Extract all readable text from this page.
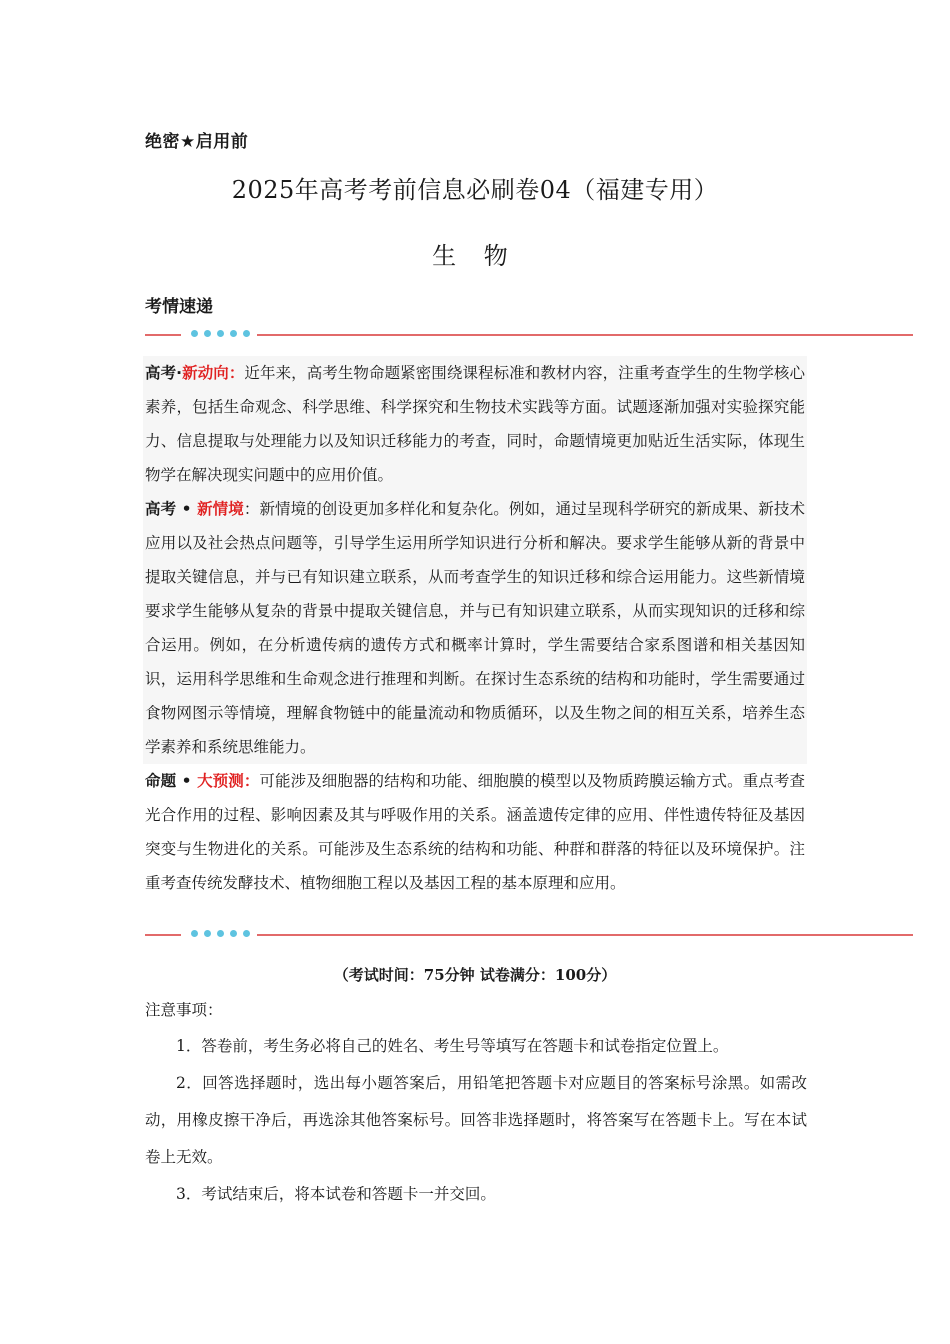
绝密★启用前
2025年高考考前信息必刷卷04（福建专用）
生 物
考情速递

高考·新动向：近年来，高考生物命题紧密围绕课程标准和教材内容，注重考查学生的生物学核心素养，包括生命观念、科学思维、科学探究和生物技术实践等方面。试题逐渐加强对实验探究能力、信息提取与处理能力以及知识迁移能力的考查，同时，命题情境更加贴近生活实际，体现生物学在解决现实问题中的应用价值。

高考 • 新情境：新情境的创设更加多样化和复杂化。例如，通过呈现科学研究的新成果、新技术应用以及社会热点问题等，引导学生运用所学知识进行分析和解决。要求学生能够从新的背景中提取关键信息，并与已有知识建立联系，从而考查学生的知识迁移和综合运用能力。这些新情境要求学生能够从复杂的背景中提取关键信息，并与已有知识建立联系，从而实现知识的迁移和综合运用。例如，在分析遗传病的遗传方式和概率计算时，学生需要结合家系图谱和相关基因知识，运用科学思维和生命观念进行推理和判断。在探讨生态系统的结构和功能时，学生需要通过食物网图示等情境，理解食物链中的能量流动和物质循环，以及生物之间的相互关系，培养生态学素养和系统思维能力。

命题 • 大预测：可能涉及细胞器的结构和功能、细胞膜的模型以及物质跨膜运输方式。重点考查光合作用的过程、影响因素及其与呼吸作用的关系。涵盖遗传定律的应用、伴性遗传特征及基因突变与生物进化的关系。可能涉及生态系统的结构和功能、种群和群落的特征以及环境保护。注重考查传统发酵技术、植物细胞工程以及基因工程的基本原理和应用。

（考试时间：75分钟 试卷满分：100分）
注意事项：

1．答卷前，考生务必将自己的姓名、考生号等填写在答题卡和试卷指定位置上。

2．回答选择题时，选出每小题答案后，用铅笔把答题卡对应题目的答案标号涂黑。如需改动，用橡皮擦干净后，再选涂其他答案标号。回答非选择题时，将答案写在答题卡上。写在本试卷上无效。

3．考试结束后，将本试卷和答题卡一并交回。
